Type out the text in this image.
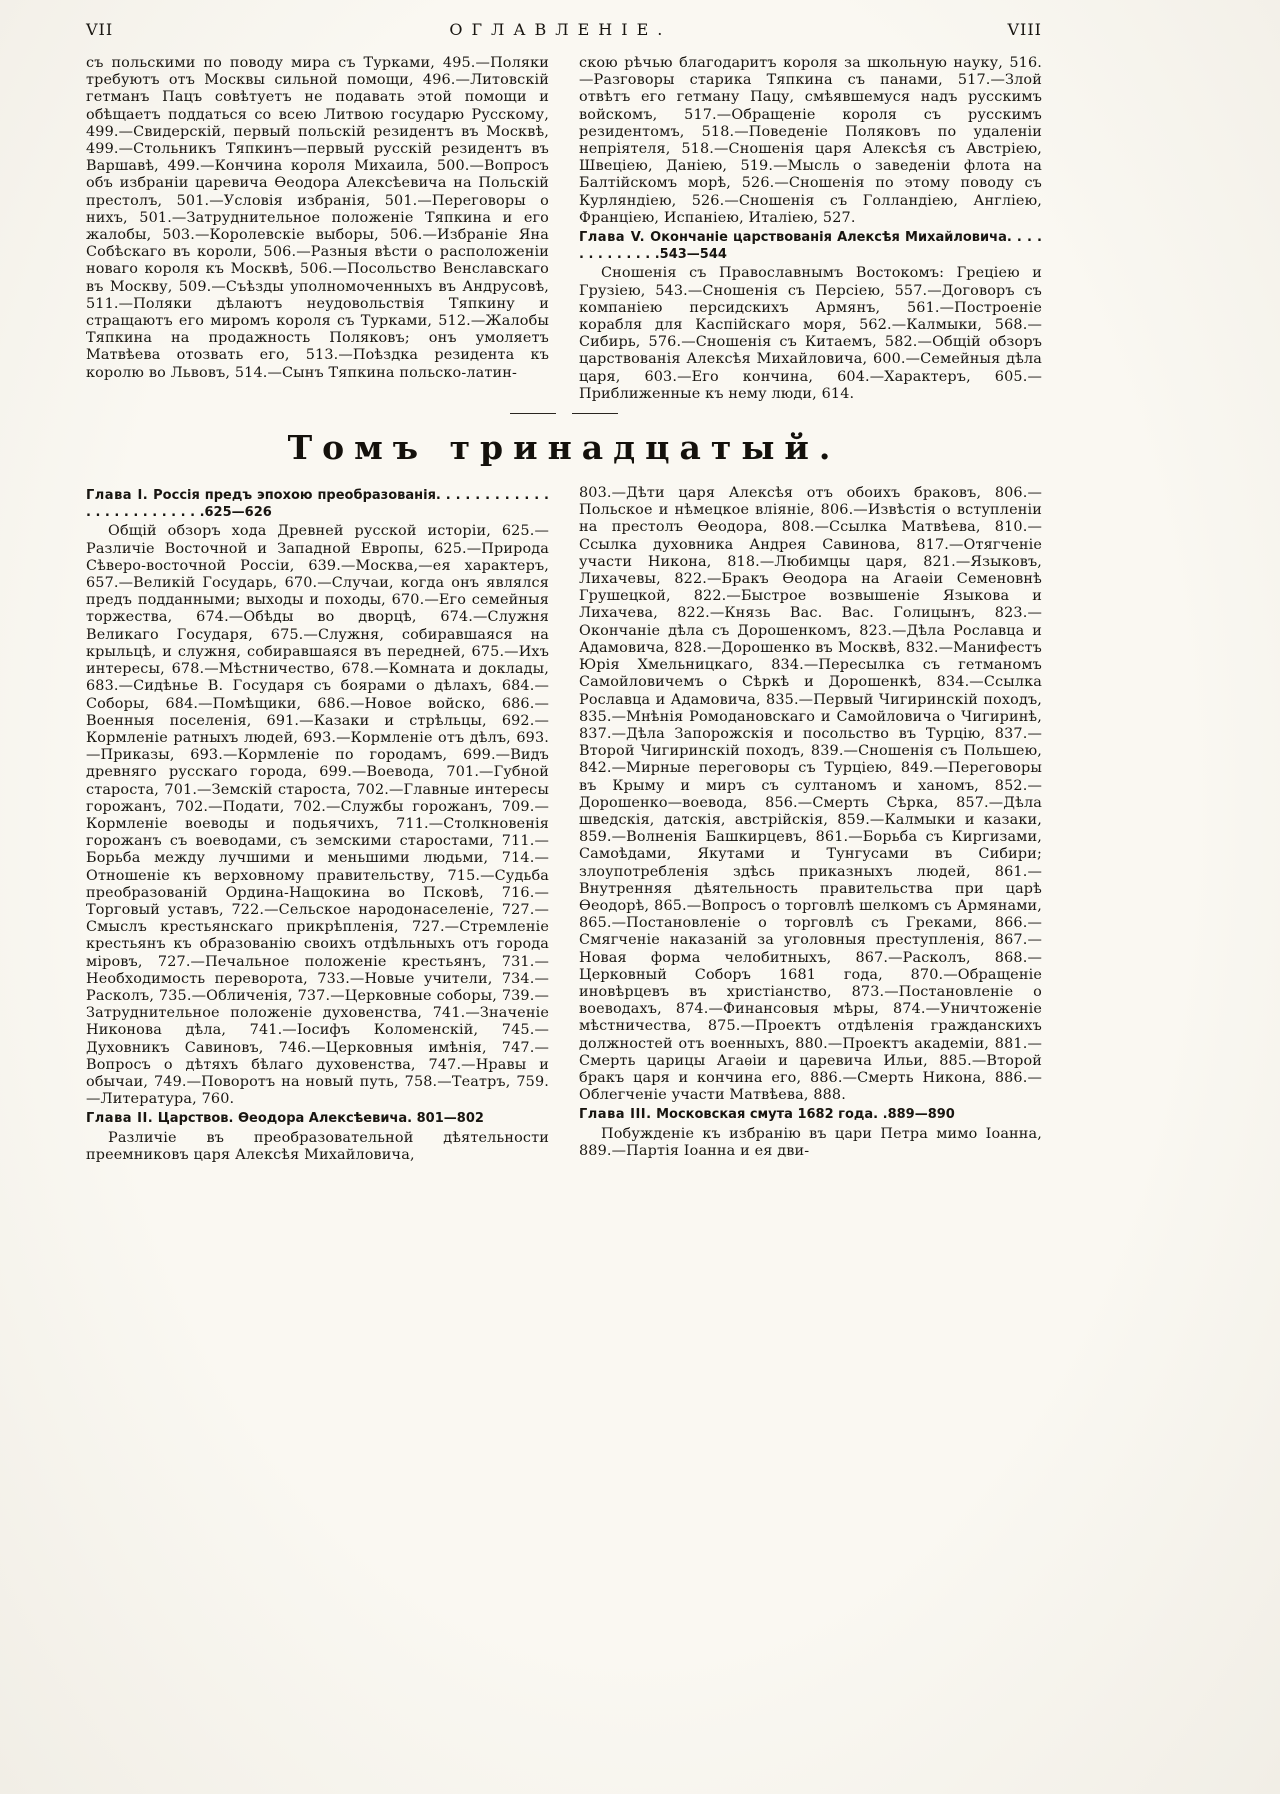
VII	ОГЛАВЛЕНІЕ.	VIII

съ польскими по поводу мира съ Турками, 495.—Поляки требуютъ отъ Москвы сильной помощи, 496.—Литовскій гетманъ Пацъ совѣтуетъ не подавать этой помощи и обѣщаетъ поддаться со всею Литвою государю Русскому, 499.—Свидерскій, первый польскій резидентъ въ Москвѣ, 499.—Стольникъ Тяпкинъ—первый русскій резидентъ въ Варшавѣ, 499.—Кончина короля Михаила, 500.—Вопросъ объ избраніи царевича Ѳеодора Алексѣевича на Польскій престолъ, 501.—Условія избранія, 501.—Переговоры о нихъ, 501.—Затруднительное положеніе Тяпкина и его жалобы, 503.—Королевскіе выборы, 506.—Избраніе Яна Собѣскаго въ короли, 506.—Разныя вѣсти о расположеніи новаго короля къ Москвѣ, 506.—Посольство Венславскаго въ Москву, 509.—Съѣзды уполномоченныхъ въ Андрусовѣ, 511.—Поляки дѣлаютъ неудовольствія Тяпкину и стращаютъ его миромъ короля съ Турками, 512.—Жалобы Тяпкина на продажность Поляковъ; онъ умоляетъ Матвѣева отозвать его, 513.—Поѣздка резидента къ королю во Львовъ, 514.—Сынъ Тяпкина польско-латин-

скою рѣчью благодаритъ короля за школьную науку, 516.—Разговоры старика Тяпкина съ панами, 517.—Злой отвѣтъ его гетману Пацу, смѣявшемуся надъ русскимъ войскомъ, 517.—Обращеніе короля съ русскимъ резидентомъ, 518.—Поведеніе Поляковъ по удаленіи непріятеля, 518.—Сношенія царя Алексѣя съ Австріею, Швеціею, Даніею, 519.—Мысль о заведеніи флота на Балтійскомъ морѣ, 526.—Сношенія по этому поводу съ Курляндіею, 526.—Сношенія съ Голландіею, Англіею, Франціею, Испаніею, Италіею, 527.

Глава V. Окончаніе царствованія Алексѣя Михайловича. . . . . . . . . . . . .543—544

Сношенія съ Православнымъ Востокомъ: Греціею и Грузіею, 543.—Сношенія съ Персіею, 557.—Договоръ съ компаніею персидскихъ Армянъ, 561.—Построеніе корабля для Каспійскаго моря, 562.—Калмыки, 568.—Сибирь, 576.—Сношенія съ Китаемъ, 582.—Общій обзоръ царствованія Алексѣя Михайловича, 600.—Семейныя дѣла царя, 603.—Его кончина, 604.—Характеръ, 605.—Приближенные къ нему люди, 614.

Томъ тринадцатый.

Глава I. Россія предъ эпохою преобразованія. . . . . . . . . . . . . . . . . . . . . . . . .625—626

Общій обзоръ хода Древней русской исторіи, 625.—Различіе Восточной и Западной Европы, 625.—Природа Сѣверо-восточной Россіи, 639.—Москва,—ея характеръ, 657.—Великій Государь, 670.—Случаи, когда онъ являлся предъ подданными; выходы и походы, 670.—Его семейныя торжества, 674.—Обѣды во дворцѣ, 674.—Служня Великаго Государя, 675.—Служня, собиравшаяся на крыльцѣ, и служня, собиравшаяся въ передней, 675.—Ихъ интересы, 678.—Мѣстничество, 678.—Комната и доклады, 683.—Сидѣнье В. Государя съ боярами о дѣлахъ, 684.—Соборы, 684.—Помѣщики, 686.—Новое войско, 686.—Военныя поселенія, 691.—Казаки и стрѣльцы, 692.—Кормленіе ратныхъ людей, 693.—Кормленіе отъ дѣлъ, 693.—Приказы, 693.—Кормленіе по городамъ, 699.—Видъ древняго русскаго города, 699.—Воевода, 701.—Губной староста, 701.—Земскій староста, 702.—Главные интересы горожанъ, 702.—Подати, 702.—Службы горожанъ, 709.—Кормленіе воеводы и подьячихъ, 711.—Столкновенія горожанъ съ воеводами, съ земскими старостами, 711.—Борьба между лучшими и меньшими людьми, 714.—Отношеніе къ верховному правительству, 715.—Судьба преобразованій Ордина-Нащокина во Псковѣ, 716.—Торговый уставъ, 722.—Сельское народонаселеніе, 727.—Смыслъ крестьянскаго прикрѣпленія, 727.—Стремленіе крестьянъ къ образованію своихъ отдѣльныхъ отъ города міровъ, 727.—Печальное положеніе крестьянъ, 731.—Необходимость переворота, 733.—Новые учители, 734.—Расколъ, 735.—Обличенія, 737.—Церковные соборы, 739.—Затруднительное положеніе духовенства, 741.—Значеніе Никонова дѣла, 741.—Іосифъ Коломенскій, 745.—Духовникъ Савиновъ, 746.—Церковныя имѣнія, 747.—Вопросъ о дѣтяхъ бѣлаго духовенства, 747.—Нравы и обычаи, 749.—Поворотъ на новый путь, 758.—Театръ, 759.—Литература, 760.

Глава II. Царствов. Ѳеодора Алексѣевича. 801—802

Различіе въ преобразовательной дѣятельности преемниковъ царя Алексѣя Михайловича,

803.—Дѣти царя Алексѣя отъ обоихъ браковъ, 806.—Польское и нѣмецкое вліяніе, 806.—Извѣстія о вступленіи на престолъ Ѳеодора, 808.—Ссылка Матвѣева, 810.—Ссылка духовника Андрея Савинова, 817.—Отягченіе участи Никона, 818.—Любимцы царя, 821.—Языковъ, Лихачевы, 822.—Бракъ Ѳеодора на Агаѳіи Семеновнѣ Грушецкой, 822.—Быстрое возвышеніе Языкова и Лихачева, 822.—Князь Вас. Вас. Голицынъ, 823.—Окончаніе дѣла съ Дорошенкомъ, 823.—Дѣла Рославца и Адамовича, 828.—Дорошенко въ Москвѣ, 832.—Манифестъ Юрія Хмельницкаго, 834.—Пересылка съ гетманомъ Самойловичемъ о Сѣркѣ и Дорошенкѣ, 834.—Ссылка Рославца и Адамовича, 835.—Первый Чигиринскій походъ, 835.—Мнѣнія Ромодановскаго и Самойловича о Чигиринѣ, 837.—Дѣла Запорожскія и посольство въ Турцію, 837.—Второй Чигиринскій походъ, 839.—Сношенія съ Польшею, 842.—Мирные переговоры съ Турціею, 849.—Переговоры въ Крыму и миръ съ султаномъ и ханомъ, 852.—Дорошенко—воевода, 856.—Смерть Сѣрка, 857.—Дѣла шведскія, датскія, австрійскія, 859.—Калмыки и казаки, 859.—Волненія Башкирцевъ, 861.—Борьба съ Киргизами, Самоѣдами, Якутами и Тунгусами въ Сибири; злоупотребленія здѣсь приказныхъ людей, 861.—Внутренняя дѣятельность правительства при царѣ Ѳеодорѣ, 865.—Вопросъ о торговлѣ шелкомъ съ Армянами, 865.—Постановленіе о торговлѣ съ Греками, 866.—Смягченіе наказаній за уголовныя преступленія, 867.—Новая форма челобитныхъ, 867.—Расколъ, 868.—Церковный Соборъ 1681 года, 870.—Обращеніе иновѣрцевъ въ христіанство, 873.—Постановленіе о воеводахъ, 874.—Финансовыя мѣры, 874.—Уничтоженіе мѣстничества, 875.—Проектъ отдѣленія гражданскихъ должностей отъ военныхъ, 880.—Проектъ академіи, 881.—Смерть царицы Агаѳіи и царевича Ильи, 885.—Второй бракъ царя и кончина его, 886.—Смерть Никона, 886.—Облегченіе участи Матвѣева, 888.

Глава III. Московская смута 1682 года. .889—890

Побужденіе къ избранію въ цари Петра мимо Іоанна, 889.—Партія Іоанна и ея дви-
